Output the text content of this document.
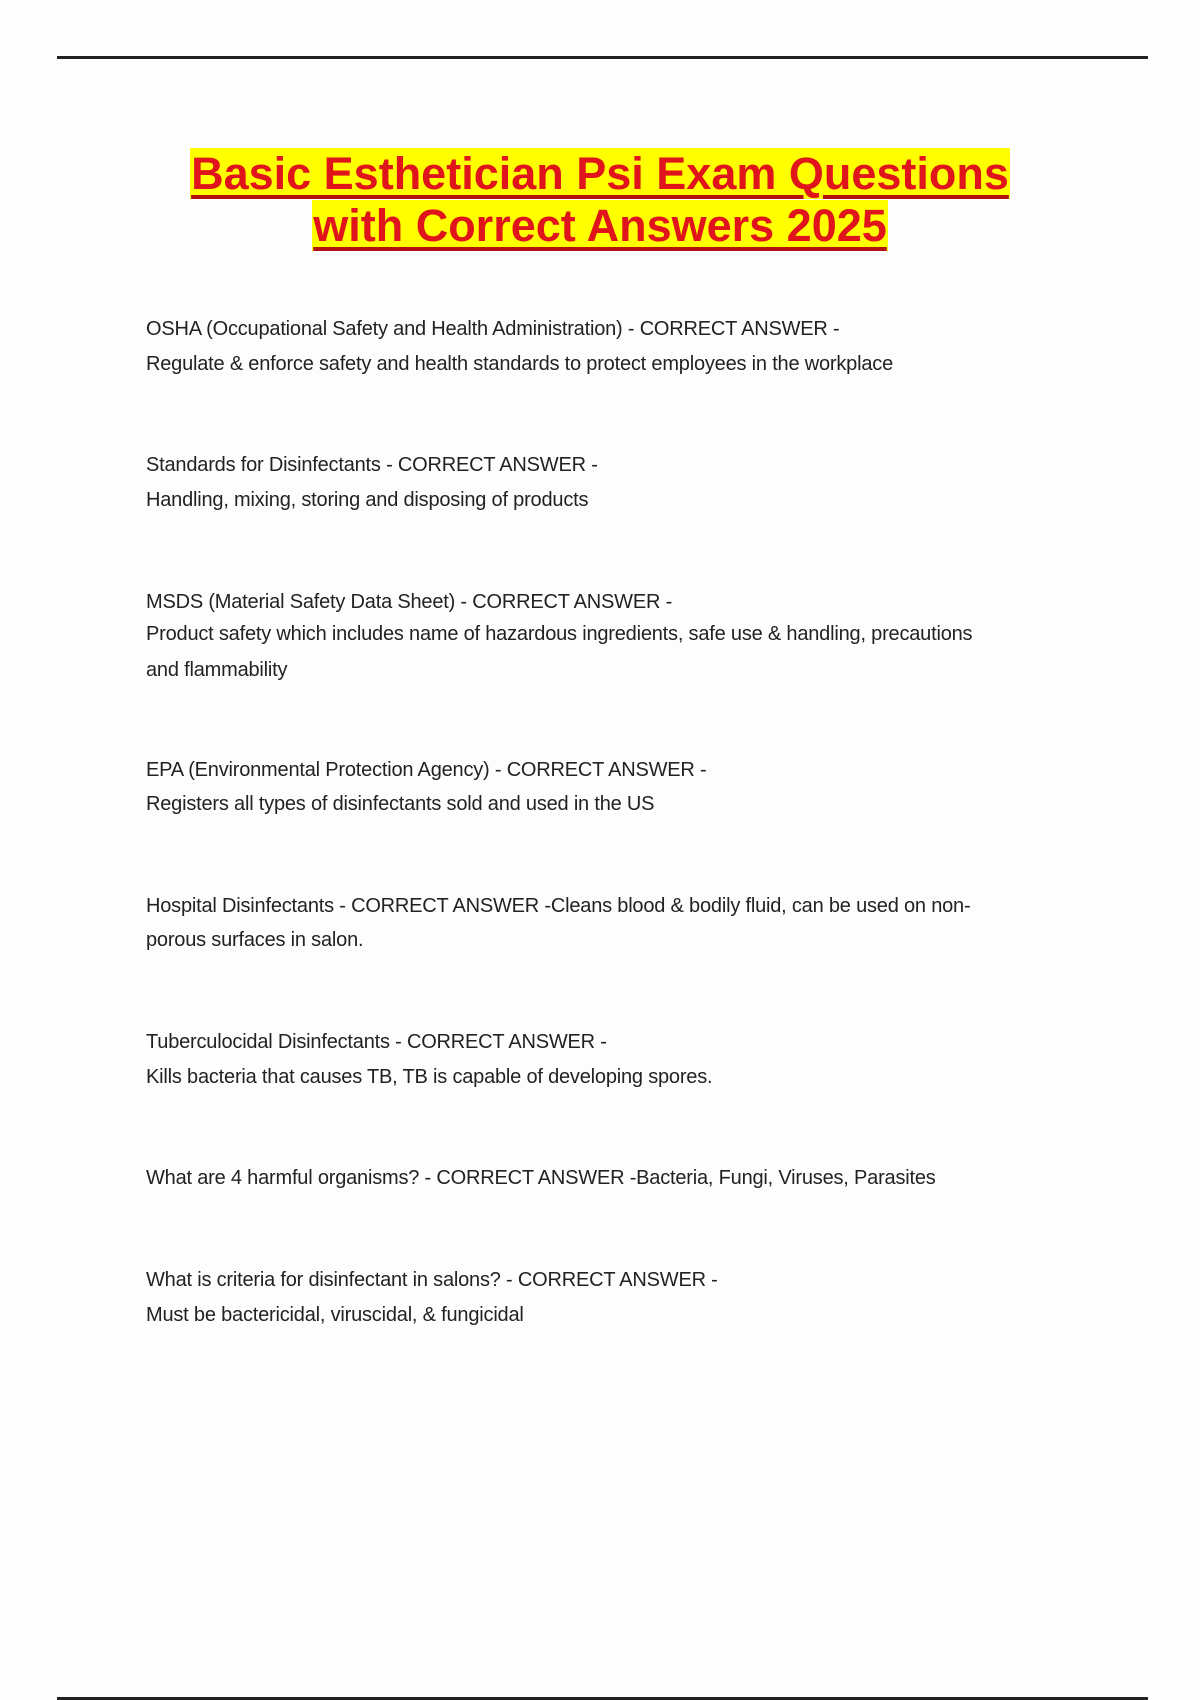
Basic Esthetician Psi Exam Questions
with Correct Answers 2025
OSHA (Occupational Safety and Health Administration) - CORRECT ANSWER -
Regulate & enforce safety and health standards to protect employees in the workplace
Standards for Disinfectants - CORRECT ANSWER -
Handling, mixing, storing and disposing of products
MSDS (Material Safety Data Sheet) - CORRECT ANSWER -
Product safety which includes name of hazardous ingredients, safe use & handling, precautions
and flammability
EPA (Environmental Protection Agency) - CORRECT ANSWER -
Registers all types of disinfectants sold and used in the US
Hospital Disinfectants - CORRECT ANSWER -Cleans blood & bodily fluid, can be used on non-
porous surfaces in salon.
Tuberculocidal Disinfectants - CORRECT ANSWER -
Kills bacteria that causes TB, TB is capable of developing spores.
What are 4 harmful organisms? - CORRECT ANSWER -Bacteria, Fungi, Viruses, Parasites
What is criteria for disinfectant in salons? - CORRECT ANSWER -
Must be bactericidal, viruscidal, & fungicidal
